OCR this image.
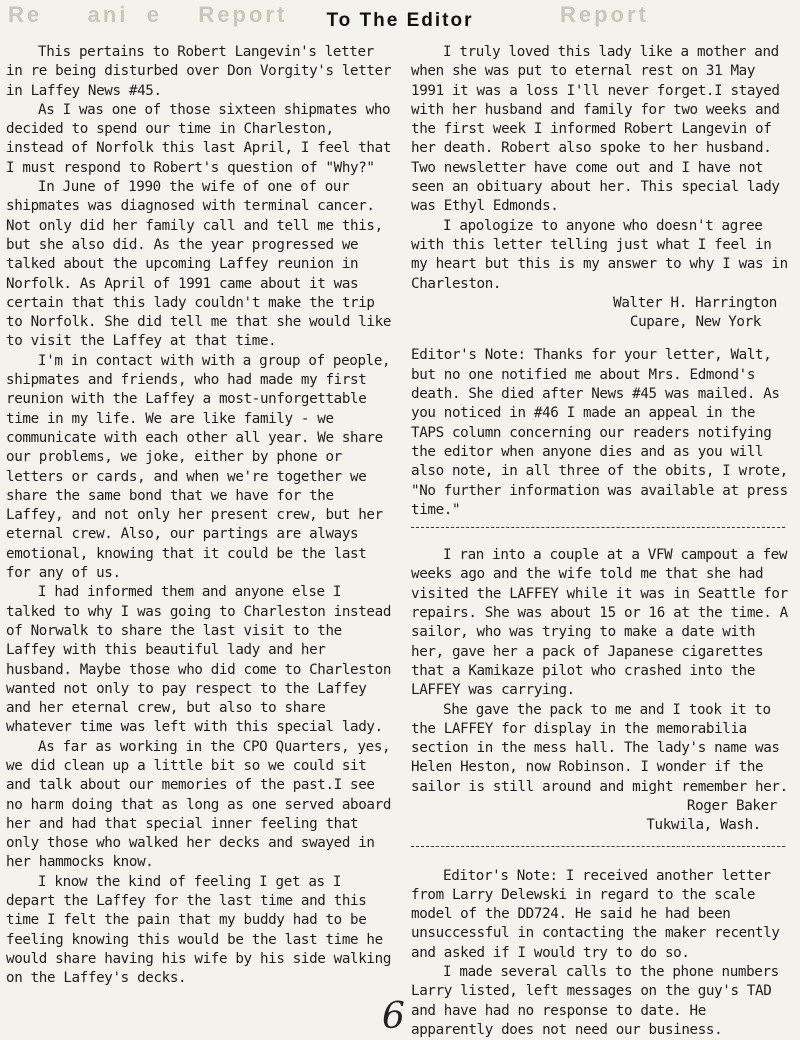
Re     ani  e    Report	Report
To The Editor

This pertains to Robert Langevin's letter in re being disturbed over Don Vorgity's letter in Laffey News #45.

As I was one of those sixteen shipmates who decided to spend our time in Charleston, instead of Norfolk this last April, I feel that I must respond to Robert's question of "Why?"

In June of 1990 the wife of one of our shipmates was diagnosed with terminal cancer. Not only did her family call and tell me this, but she also did. As the year progressed we talked about the upcoming Laffey reunion in Norfolk. As April of 1991 came about it was certain that this lady couldn't make the trip to Norfolk. She did tell me that she would like to visit the Laffey at that time.

I'm in contact with with a group of people, shipmates and friends, who had made my first reunion with the Laffey a most-unforgettable time in my life. We are like family - we communicate with each other all year. We share our problems, we joke, either by phone or letters or cards, and when we're together we share the same bond that we have for the Laffey, and not only her present crew, but her eternal crew. Also, our partings are always emotional, knowing that it could be the last for any of us.

I had informed them and anyone else I talked to why I was going to Charleston instead of Norwalk to share the last visit to the Laffey with this beautiful lady and her husband. Maybe those who did come to Charleston wanted not only to pay respect to the Laffey and her eternal crew, but also to share whatever time was left with this special lady.

As far as working in the CPO Quarters, yes, we did clean up a little bit so we could sit and talk about our memories of the past.I see no harm doing that as long as one served aboard her and had that special inner feeling that only those who walked her decks and swayed in her hammocks know.

I know the kind of feeling I get as I depart the Laffey for the last time and this time I felt the pain that my buddy had to be feeling knowing this would be the last time he would share having his wife by his side walking on the Laffey's decks.

I truly loved this lady like a mother and when she was put to eternal rest on 31 May 1991 it was a loss I'll never forget.I stayed with her husband and family for two weeks and the first week I informed Robert Langevin of her death. Robert also spoke to her husband. Two newsletter have come out and I have not seen an obituary about her. This special lady was Ethyl Edmonds.

I apologize to anyone who doesn't agree with this letter telling just what I feel in my heart but this is my answer to why I was in Charleston.

Walter H. Harrington

Cupare, New York

Editor's Note: Thanks for your letter, Walt, but no one notified me about Mrs. Edmond's death. She died after News #45 was mailed. As you noticed in #46 I made an appeal in the TAPS column concerning our readers notifying the editor when anyone dies and as you will also note, in all three of the obits, I wrote, "No further information was available at press time."

I ran into a couple at a VFW campout a few weeks ago and the wife told me that she had visited the LAFFEY while it was in Seattle for repairs. She was about 15 or 16 at the time. A sailor, who was trying to make a date with her, gave her a pack of Japanese cigarettes that a Kamikaze pilot who crashed into the LAFFEY was carrying.

She gave the pack to me and I took it to the LAFFEY for display in the memorabilia section in the mess hall. The lady's name was Helen Heston, now Robinson. I wonder if the sailor is still around and might remember her.

Roger Baker

Tukwila, Wash.

Editor's Note: I received another letter from Larry Delewski in regard to the scale model of the DD724. He said he had been unsuccessful in contacting the maker recently and asked if I would try to do so.

I made several calls to the phone numbers Larry listed, left messages on the guy's TAD and have had no response to date. He apparently does not need our business.

6
